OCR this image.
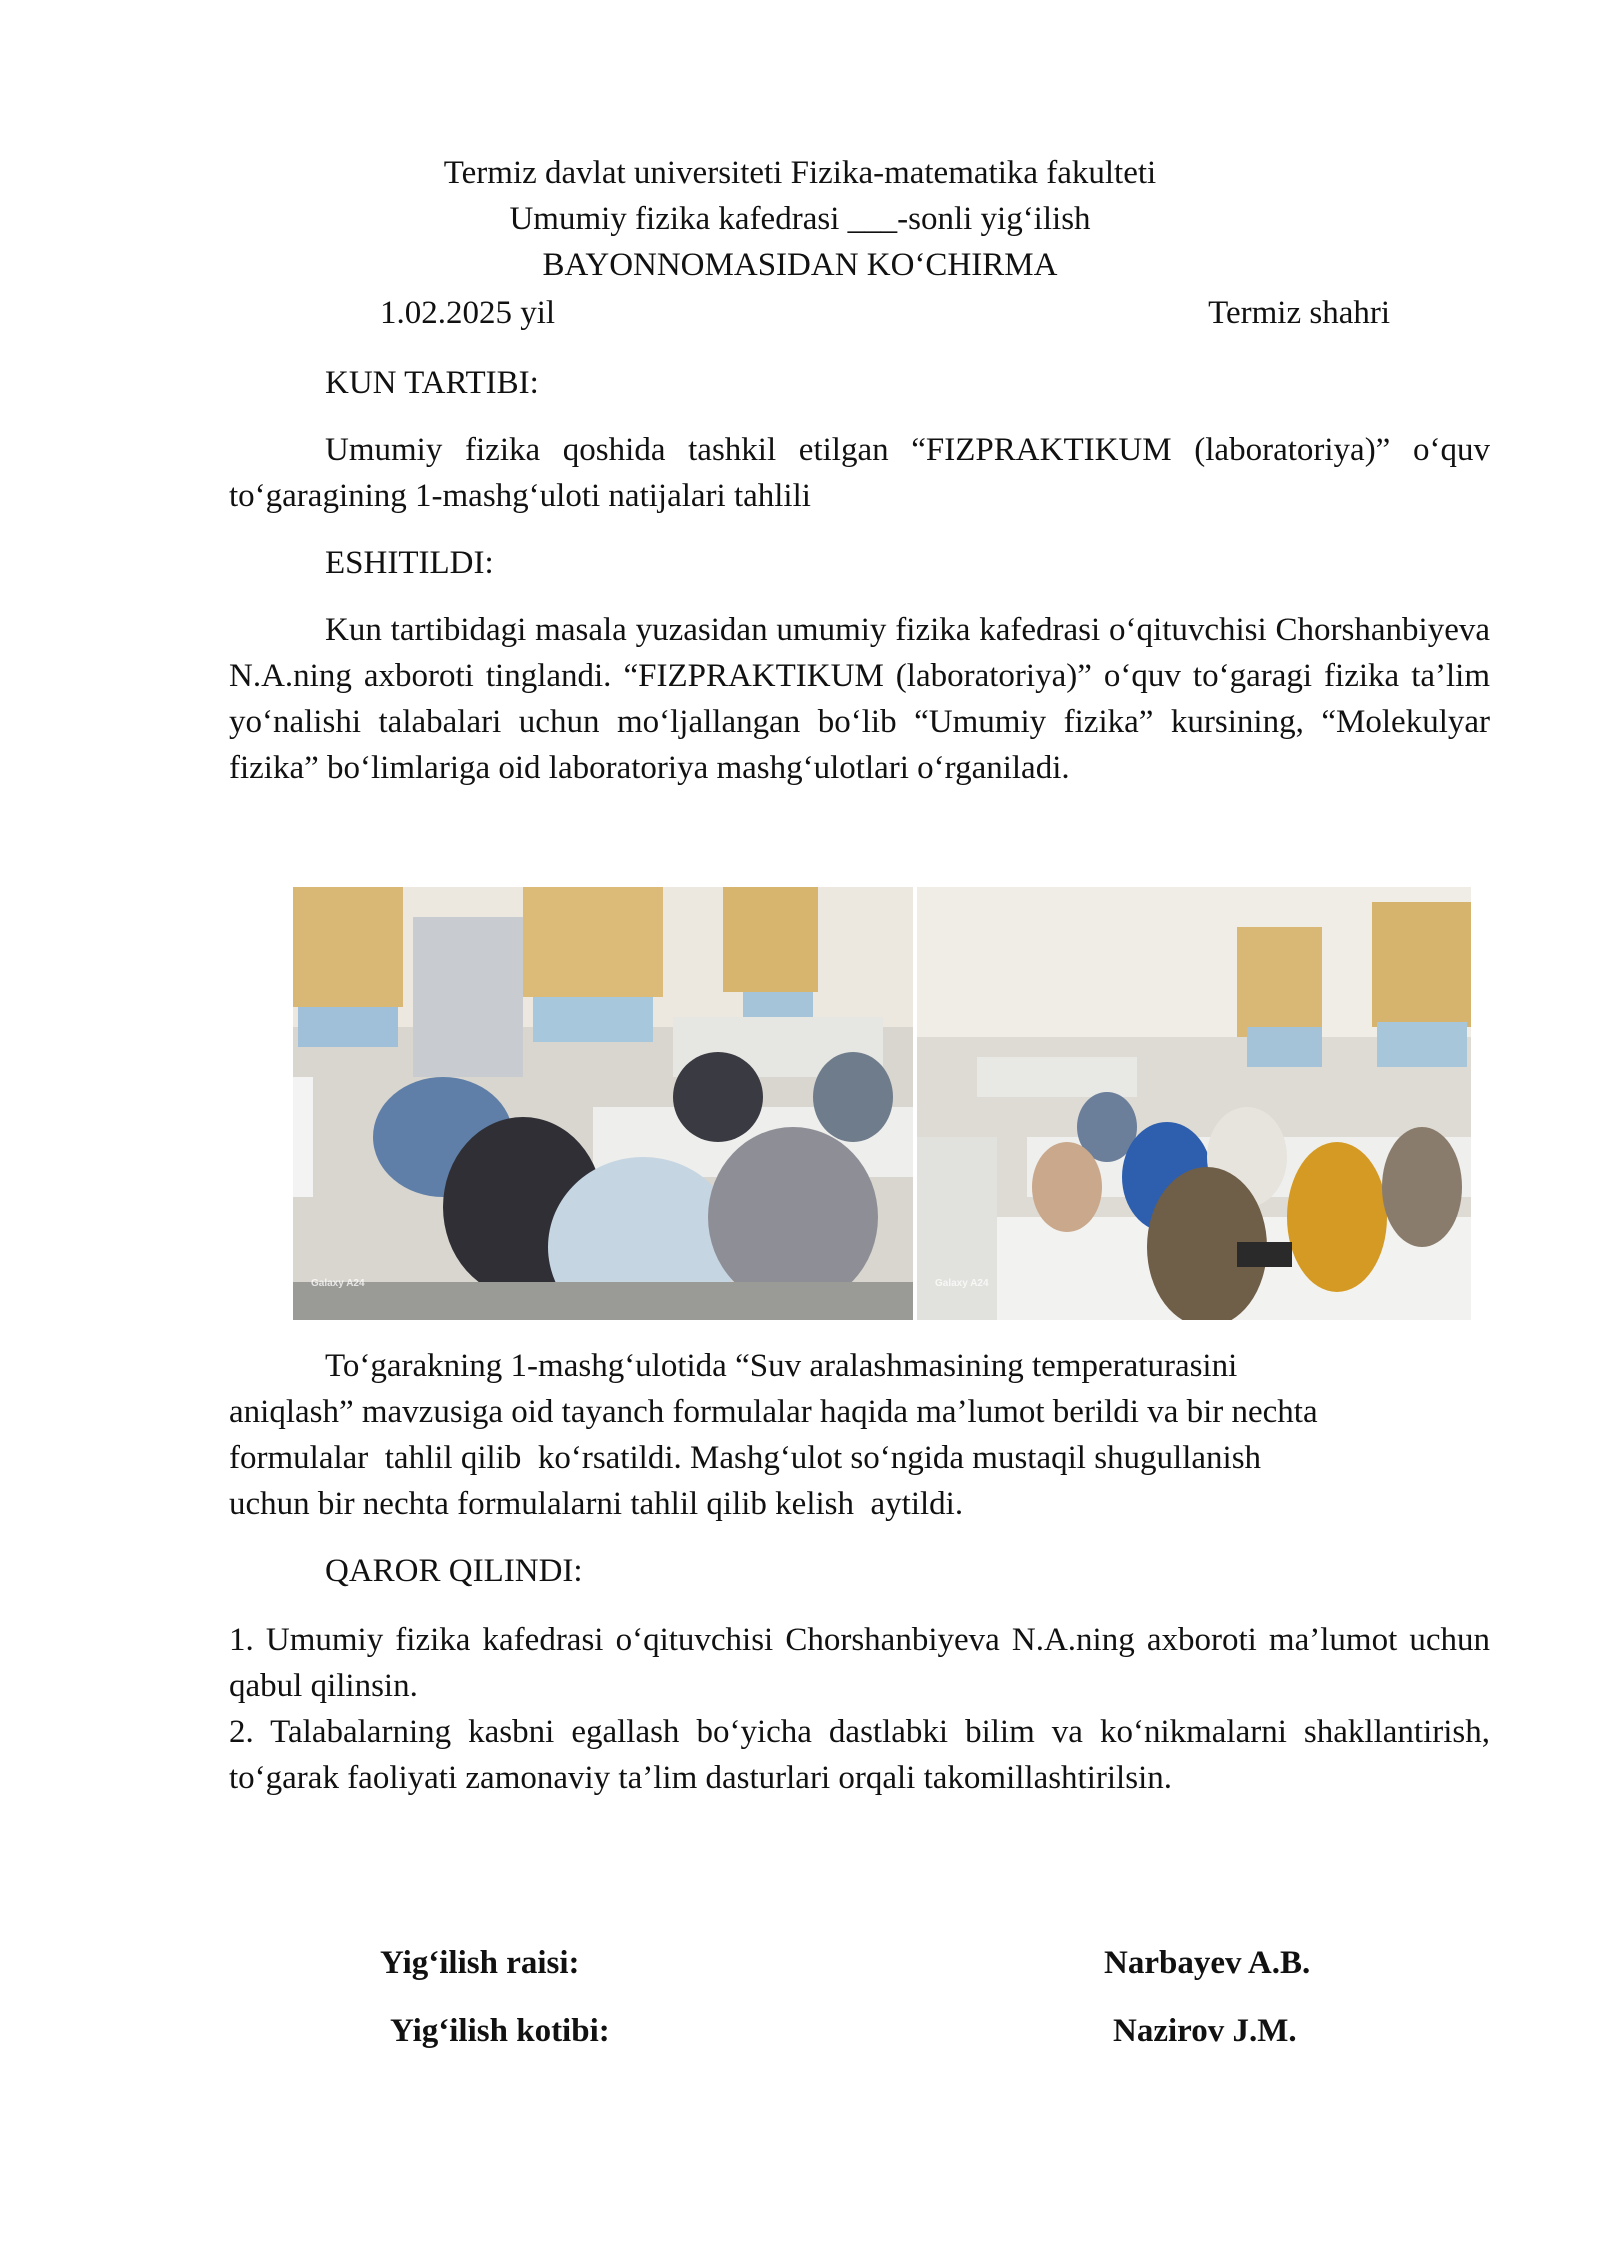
Termiz davlat universiteti Fizika-matematika fakulteti
Umumiy fizika kafedrasi ___-sonli yig‘ilish
BAYONNOMASIDAN KO‘CHIRMA
1.02.2025 yil	Termiz shahri
KUN TARTIBI:
Umumiy fizika qoshida tashkil etilgan “FIZPRAKTIKUM (laboratoriya)” o‘quv to‘garagining 1-mashg‘uloti natijalari tahlili
ESHITILDI:
Kun tartibidagi masala yuzasidan umumiy fizika kafedrasi o‘qituvchisi Chorshanbiyeva N.A.ning axboroti tinglandi. “FIZPRAKTIKUM (laboratoriya)” o‘quv to‘garagi fizika ta’lim yo‘nalishi talabalari uchun mo‘ljallangan bo‘lib “Umumiy fizika” kursining, “Molekulyar fizika” bo‘limlariga oid laboratoriya mashg‘ulotlari o‘rganiladi.
Galaxy A24	Galaxy A24
To‘garakning 1-mashg‘ulotida “Suv aralashmasining temperaturasini
aniqlash” mavzusiga oid tayanch formulalar haqida ma’lumot berildi va bir nechta
formulalar  tahlil qilib  ko‘rsatildi. Mashg‘ulot so‘ngida mustaqil shugullanish
uchun bir nechta formulalarni tahlil qilib kelish  aytildi.
QAROR QILINDI:
1. Umumiy fizika kafedrasi o‘qituvchisi Chorshanbiyeva N.A.ning axboroti ma’lumot uchun qabul qilinsin.
2. Talabalarning kasbni egallash bo‘yicha dastlabki bilim va ko‘nikmalarni shakllantirish, to‘garak faoliyati zamonaviy ta’lim dasturlari orqali takomillashtirilsin.
Yig‘ilish raisi:	Narbayev A.B.
Yig‘ilish kotibi:	Nazirov J.M.
